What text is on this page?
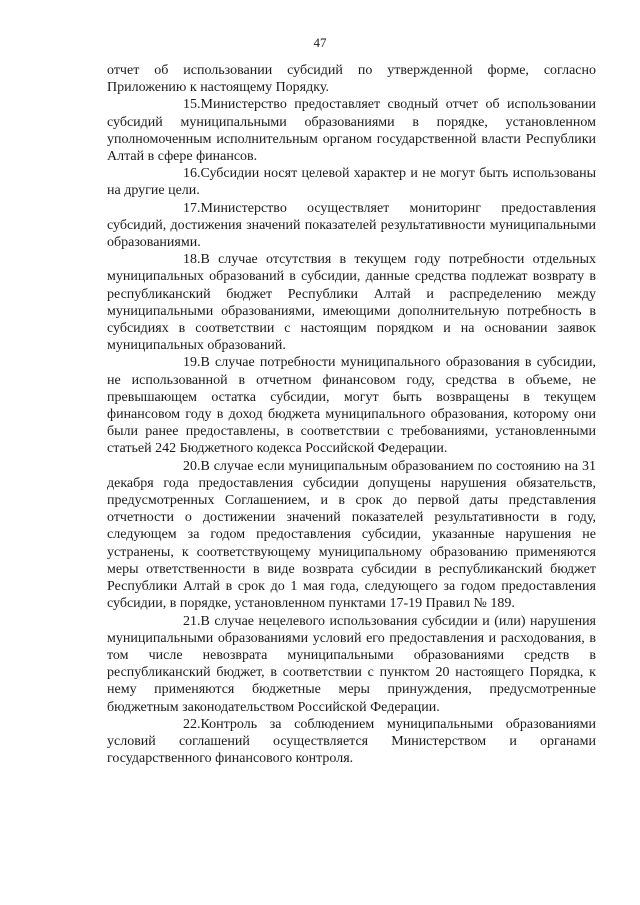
47

отчет об использовании субсидий по утвержденной форме, согласно Приложению к настоящему Порядку.

15.Министерство предоставляет сводный отчет об использовании субсидий муниципальными образованиями в порядке, установленном уполномоченным исполнительным органом государственной власти Республики Алтай в сфере финансов.

16.Субсидии носят целевой характер и не могут быть использованы на другие цели.

17.Министерство осуществляет мониторинг предоставления субсидий, достижения значений показателей результативности муниципальными образованиями.

18.В случае отсутствия в текущем году потребности отдельных муниципальных образований в субсидии, данные средства подлежат возврату в республиканский бюджет Республики Алтай и распределению между муниципальными образованиями, имеющими дополнительную потребность в субсидиях в соответствии с настоящим порядком и на основании заявок муниципальных образований.

19.В случае потребности муниципального образования в субсидии, не использованной в отчетном финансовом году, средства в объеме, не превышающем остатка субсидии, могут быть возвращены в текущем финансовом году в доход бюджета муниципального образования, которому они были ранее предоставлены, в соответствии с требованиями, установленными статьей 242 Бюджетного кодекса Российской Федерации.

20.В случае если муниципальным образованием по состоянию на 31 декабря года предоставления субсидии допущены нарушения обязательств, предусмотренных Соглашением, и в срок до первой даты представления отчетности о достижении значений показателей результативности в году, следующем за годом предоставления субсидии, указанные нарушения не устранены, к соответствующему муниципальному образованию применяются меры ответственности в виде возврата субсидии в республиканский бюджет Республики Алтай в срок до 1 мая года, следующего за годом предоставления субсидии, в порядке, установленном пунктами 17-19 Правил № 189.

21.В случае нецелевого использования субсидии и (или) нарушения муниципальными образованиями условий его предоставления и расходования, в том числе невозврата муниципальными образованиями средств в республиканский бюджет, в соответствии с пунктом 20 настоящего Порядка, к нему применяются бюджетные меры принуждения, предусмотренные бюджетным законодательством Российской Федерации.

22.Контроль за соблюдением муниципальными образованиями условий соглашений осуществляется Министерством и органами государственного финансового контроля.
